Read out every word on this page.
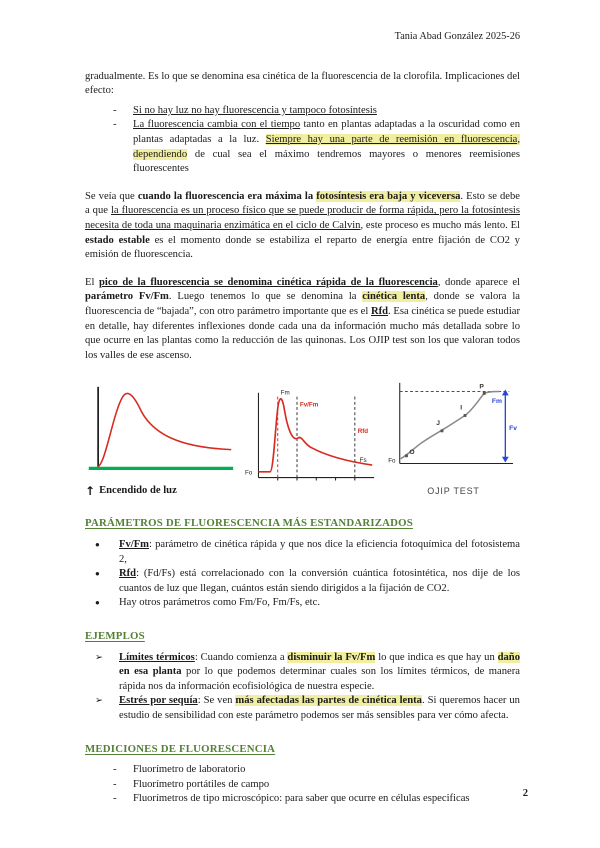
Tania Abad González 2025-26

gradualmente. Es lo que se denomina esa cinética de la fluorescencia de la clorofila. Implicaciones del efecto:

-	Si no hay luz no hay fluorescencia y tampoco fotosíntesis
-	La fluorescencia cambia con el tiempo tanto en plantas adaptadas a la oscuridad como en plantas adaptadas a la luz. Siempre hay una parte de reemisión en fluorescencia, dependiendo de cual sea el máximo tendremos mayores o menores reemisiones fluorescentes

Se veía que cuando la fluorescencia era máxima la fotosíntesis era baja y viceversa. Esto se debe a que la fluorescencia es un proceso físico que se puede producir de forma rápida, pero la fotosíntesis necesita de toda una maquinaria enzimática en el ciclo de Calvin, este proceso es mucho más lento. El estado estable es el momento donde se estabiliza el reparto de energía entre fijación de CO2 y emisión de fluorescencia.

El pico de la fluorescencia se denomina cinética rápida de la fluorescencia, donde aparece el parámetro Fv/Fm. Luego tenemos lo que se denomina la cinética lenta, donde se valora la fluorescencia de “bajada”, con otro parámetro importante que es el Rfd. Esa cinética se puede estudiar en detalle, hay diferentes inflexiones donde cada una da información mucho más detallada sobre lo que ocurre en las plantas como la reducción de las quinonas. Los OJIP test son los que valoran todos los valles de ese ascenso.

↑ Encendido de luz
Fm
Fo
Fs
Fv/Fm
Rfd
O
J
I
P
Fv
Fm
Fo
OJIP TEST
PARÁMETROS DE FLUORESCENCIA MÁS ESTANDARIZADOS
●	Fv/Fm: parámetro de cinética rápida y que nos dice la eficiencia fotoquímica del fotosistema 2,
●	Rfd: (Fd/Fs) está correlacionado con la conversión cuántica fotosintética, nos dije de los cuantos de luz que llegan, cuántos están siendo dirigidos a la fijación de CO2.
●	Hay otros parámetros como Fm/Fo, Fm/Fs, etc.
EJEMPLOS
➢	Límites térmicos: Cuando comienza a disminuir la Fv/Fm lo que indica es que hay un daño en esa planta por lo que podemos determinar cuales son los límites térmicos, de manera rápida nos da información ecofisiológica de nuestra especie.
➢	Estrés por sequía: Se ven más afectadas las partes de cinética lenta. Si queremos hacer un estudio de sensibilidad con este parámetro podemos ser más sensibles para ver cómo afecta.
MEDICIONES DE FLUORESCENCIA
-	Fluorímetro de laboratorio
-	Fluorímetro portátiles de campo
-	Fluorímetros de tipo microscópico: para saber que ocurre en células especificas	2
